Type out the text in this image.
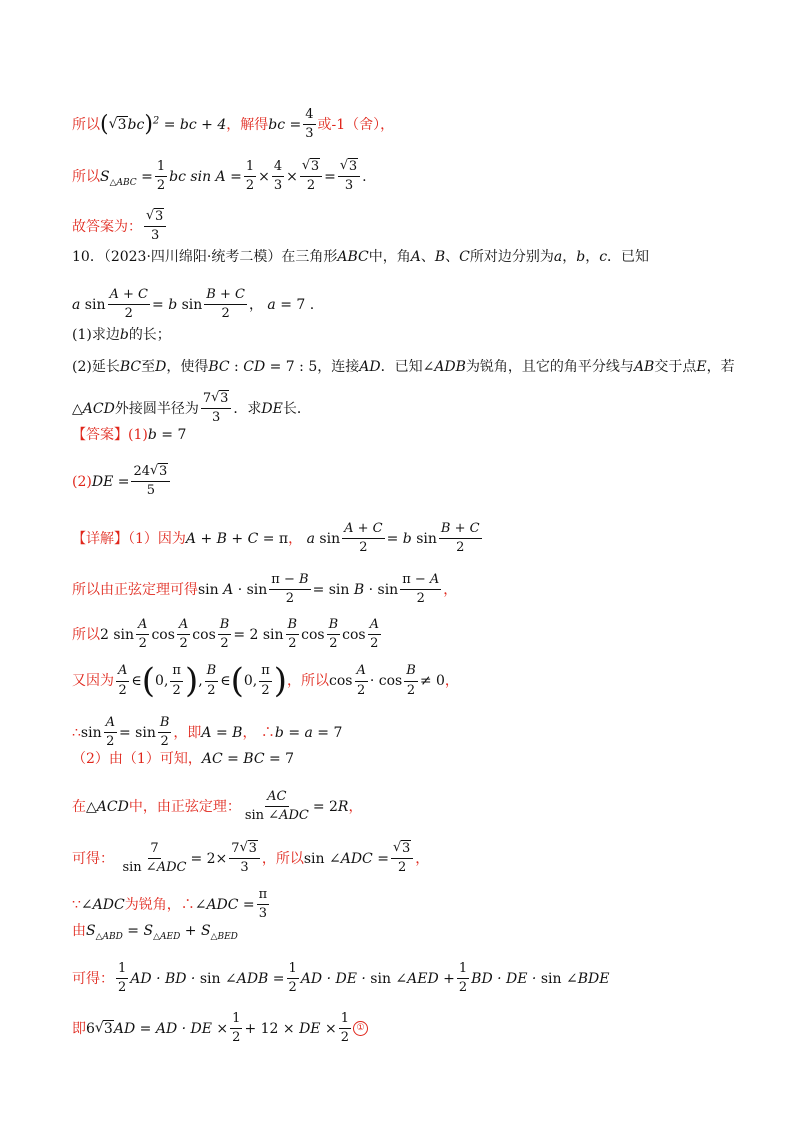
所以( √ 3bc)$^2$ = bc + 4，解得bc = $\frac{4}{3}$ 或-1（舍），
所以$S_{\triangle ABC} = \frac{1}{2}$ bc $\sin A = \frac{1}{2} \times \frac{4}{3}$ × √ $\frac{3}{2}$ = √ $\frac{3}{3}$ .
故答案为： √ $\frac{3}{3}$
10．（2023·四川绵阳·统考二模）在三角形ABC中，角A、B、C所对边分别为a，b，c．已知
a $\sin \frac{A + C}{2} = b$ $\sin \frac{B + C}{2}$ ， a = 7 .
(1)求边b的长；
(2)延长BC至D，使得BC : CD = 7 : 5，连接AD．已知∠ADB为锐角，且它的角平分线与AB交于点E，若
△ACD外接圆半径为 $\frac{7 √ 3}{3}$ ．求DE长．
【答案】(1)b = 7
$(2)DE = \frac{24 √ 3}{5}$
【详解】（1）因为A + B + C = π， a $\sin \frac{A + C}{2} = b$ $\sin \frac{B + C}{2}$
所以由正弦定理可得$\sin A \cdot \sin \frac{\pi - B}{2} = \sin B \cdot \sin \frac{\pi - A}{2}$ ，
所以2 $\sin \frac{A}{2}$ $\cos \frac{A}{2}$ $\cos \frac{B}{2} = 2$ $\sin \frac{B}{2}$ $\cos \frac{B}{2}$ $\cos \frac{A}{2}$
又因为 $\frac{A}{2}$ ∈(0, $\frac{\pi}{2}$ ), $\frac{B}{2}$ ∈(0, $\frac{\pi}{2}$ )，所以$\cos \frac{A}{2} \cdot \cos \frac{B}{2} \ne 0$，
∴sin $\frac{A}{2} = \sin \frac{B}{2}$ ，即A = B， ∴b = a = 7
（2）由（1）可知，AC = BC = 7
在△ACD中，由正弦定理： $\frac{AC}{\text{sin ∠ADC}} = 2R$，
可得： $\frac{7}{\text{sin ∠ADC}} = 2\times \frac{7 √ 3}{3}$ ，所以sin ∠ADC = √ $\frac{3}{2}$ ，
∵∠ADC为锐角，∴∠ADC = $\frac{\pi}{3}$
由$S_{\triangle ABD} = S_{\triangle AED} + S_{\triangle BED}$
可得： $\frac{1}{2}$ AD · BD · sin ∠ADB = $\frac{1}{2}$ AD · DE · sin ∠AED + $\frac{1}{2}$ BD · DE · sin ∠BDE
即6 √ 3AD = AD · DE × $\frac{1}{2} + 12$ × DE × $\frac{1}{2}$ ①
